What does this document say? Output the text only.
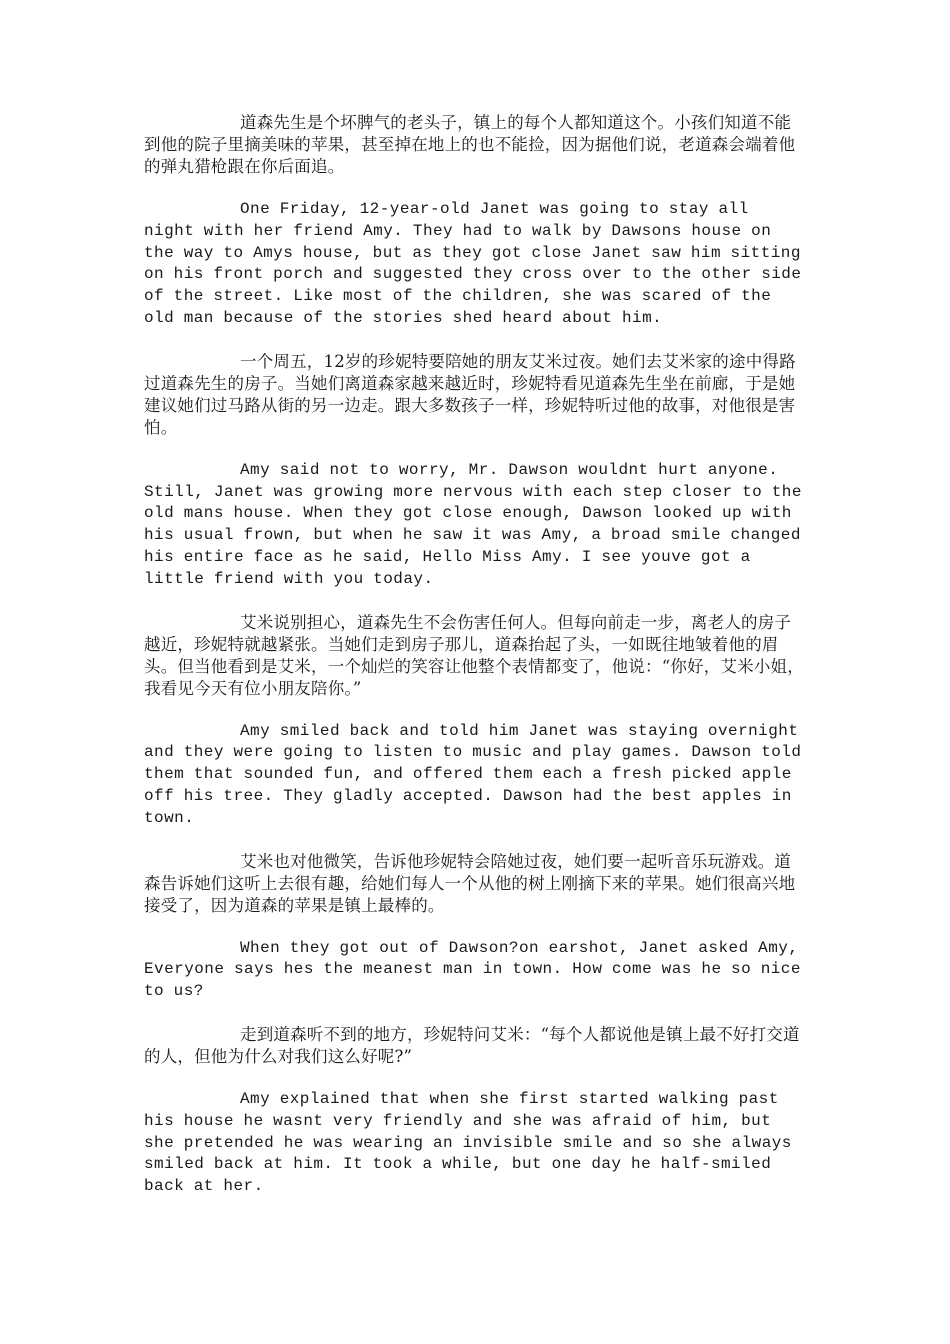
道森先生是个坏脾气的老头子，镇上的每个人都知道这个。小孩们知道不能到他的院子里摘美味的苹果，甚至掉在地上的也不能捡，因为据他们说，老道森会端着他的弹丸猎枪跟在你后面追。

One Friday, 12-year-old Janet was going to stay all night with her friend Amy. They had to walk by Dawsons house on the way to Amys house, but as they got close Janet saw him sitting on his front porch and suggested they cross over to the other side of the street. Like most of the children, she was scared of the old man because of the stories shed heard about him.

一个周五，12岁的珍妮特要陪她的朋友艾米过夜。她们去艾米家的途中得路过道森先生的房子。当她们离道森家越来越近时，珍妮特看见道森先生坐在前廊，于是她建议她们过马路从街的另一边走。跟大多数孩子一样，珍妮特听过他的故事，对他很是害怕。

Amy said not to worry, Mr. Dawson wouldnt hurt anyone. Still, Janet was growing more nervous with each step closer to the old mans house. When they got close enough, Dawson looked up with his usual frown, but when he saw it was Amy, a broad smile changed his entire face as he said, Hello Miss Amy. I see youve got a little friend with you today.

艾米说别担心，道森先生不会伤害任何人。但每向前走一步，离老人的房子越近，珍妮特就越紧张。当她们走到房子那儿，道森抬起了头，一如既往地皱着他的眉头。但当他看到是艾米，一个灿烂的笑容让他整个表情都变了，他说：“你好，艾米小姐，我看见今天有位小朋友陪你。”

Amy smiled back and told him Janet was staying overnight and they were going to listen to music and play games. Dawson told them that sounded fun, and offered them each a fresh picked apple off his tree. They gladly accepted. Dawson had the best apples in town.

艾米也对他微笑，告诉他珍妮特会陪她过夜，她们要一起听音乐玩游戏。道森告诉她们这听上去很有趣，给她们每人一个从他的树上刚摘下来的苹果。她们很高兴地接受了，因为道森的苹果是镇上最棒的。

When they got out of Dawson?on earshot, Janet asked Amy, Everyone says hes the meanest man in town. How come was he so nice to us?

走到道森听不到的地方，珍妮特问艾米：“每个人都说他是镇上最不好打交道的人，但他为什么对我们这么好呢?”

Amy explained that when she first started walking past his house he wasnt very friendly and she was afraid of him, but she pretended he was wearing an invisible smile and so she always smiled back at him. It took a while, but one day he half-smiled back at her.
